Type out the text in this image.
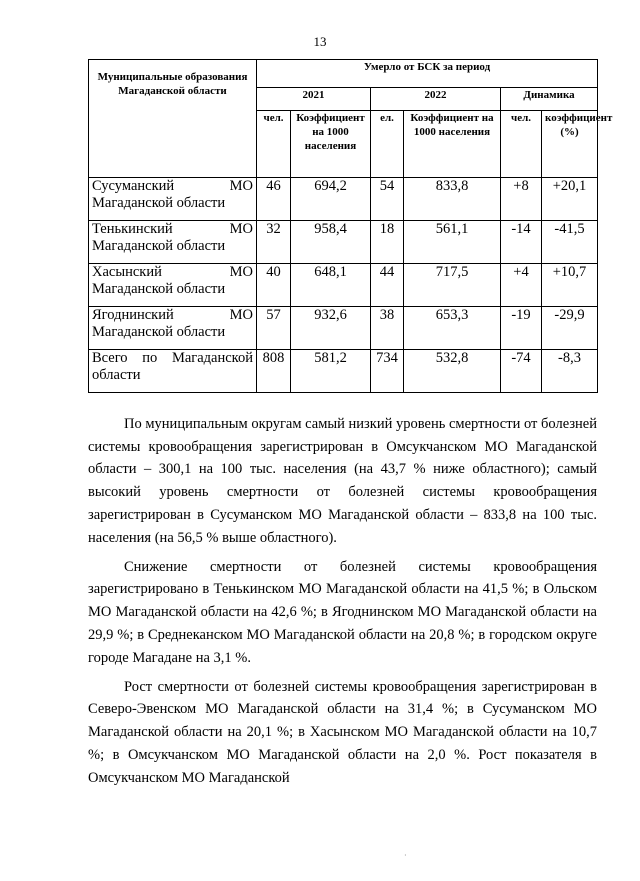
13
Муниципальные образования Магаданской области	Умерло от БСК за период					
	2021		2022		Динамика	
	чел.	Коэффициент на 1000 населения	ел.	Коэффициент на 1000 населения	чел.	коэффициент (%)
Сусуманский МО Магаданской области	46	694,2	54	833,8	+8	+20,1
Тенькинский МО Магаданской области	32	958,4	18	561,1	-14	-41,5
Хасынский МО Магаданской области	40	648,1	44	717,5	+4	+10,7
Ягоднинский МО Магаданской области	57	932,6	38	653,3	-19	-29,9
Всего по Магаданской области	808	581,2	734	532,8	-74	-8,3

По муниципальным округам самый низкий уровень смертности от болезней системы кровообращения зарегистрирован в Омсукчанском МО Магаданской области – 300,1 на 100 тыс. населения (на 43,7 % ниже областного); самый высокий уровень смертности от болезней системы кровообращения зарегистрирован в Сусуманском МО Магаданской области – 833,8 на 100 тыс. населения (на 56,5 % выше областного).

Снижение смертности от болезней системы кровообращения зарегистрировано в Тенькинском МО Магаданской области на 41,5 %; в Ольском МО Магаданской области на 42,6 %; в Ягоднинском МО Магаданской области на 29,9 %; в Среднеканском МО Магаданской области на 20,8 %; в городском округе городе Магадане на 3,1 %.

Рост смертности от болезней системы кровообращения зарегистрирован в Северо-Эвенском МО Магаданской области на 31,4 %; в Сусуманском МО Магаданской области на 20,1 %; в Хасынском МО Магаданской области на 10,7 %; в Омсукчанском МО Магаданской области на 2,0 %. Рост показателя в Омсукчанском МО Магаданской

·
